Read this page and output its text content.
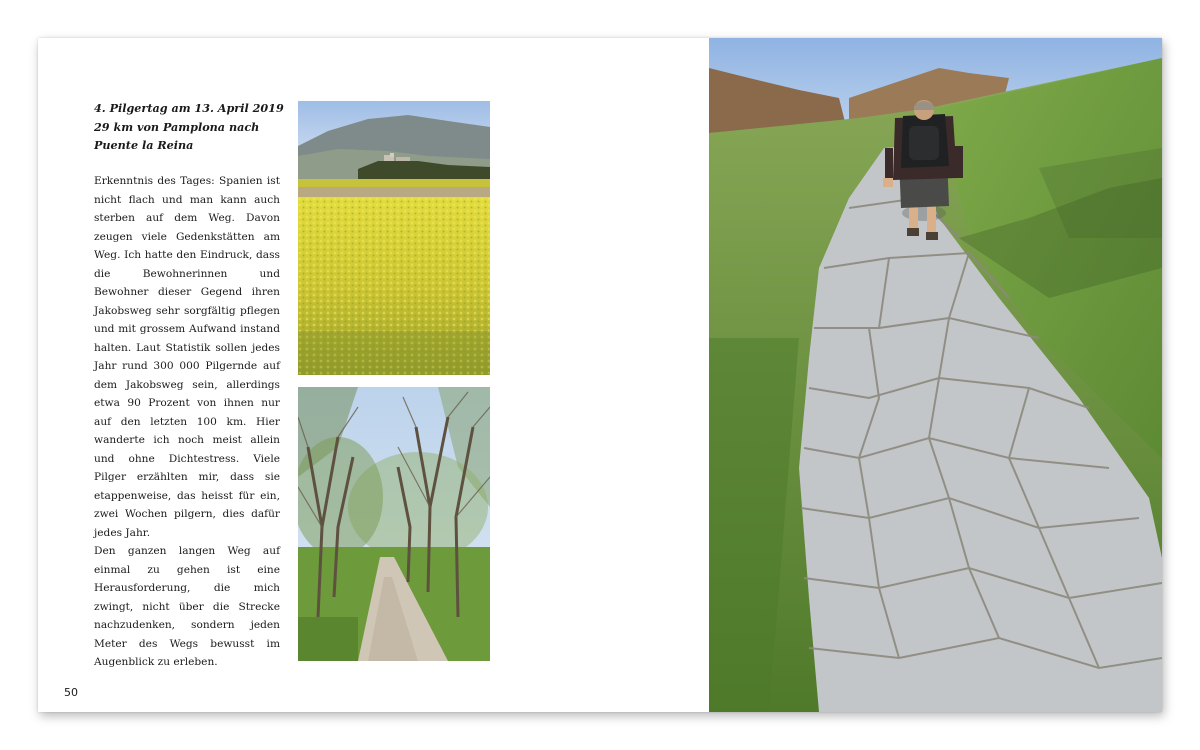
4. Pilgertag am 13. April 2019
29 km von Pamplona nach
Puente la Reina

Erkenntnis des Tages: Spanien ist nicht flach und man kann auch sterben auf dem Weg. Davon zeugen viele Gedenkstätten am Weg. Ich hatte den Eindruck, dass die Bewohnerinnen und Bewohner dieser Gegend ihren Jakobsweg sehr sorgfältig pflegen und mit grossem Aufwand instand halten. Laut Statistik sollen jedes Jahr rund 300 000 Pilgernde auf dem Jakobsweg sein, allerdings etwa 90 Prozent von ihnen nur auf den letzten 100 km. Hier wanderte ich noch meist allein und ohne Dichtestress. Viele Pilger erzählten mir, dass sie etappenweise, das heisst für ein, zwei Wochen pilgern, dies dafür jedes Jahr.

Den ganzen langen Weg auf einmal zu gehen ist eine Herausforderung, die mich zwingt, nicht über die Strecke nachzudenken, sondern jeden Meter des Wegs bewusst im Augenblick zu erleben.

50
